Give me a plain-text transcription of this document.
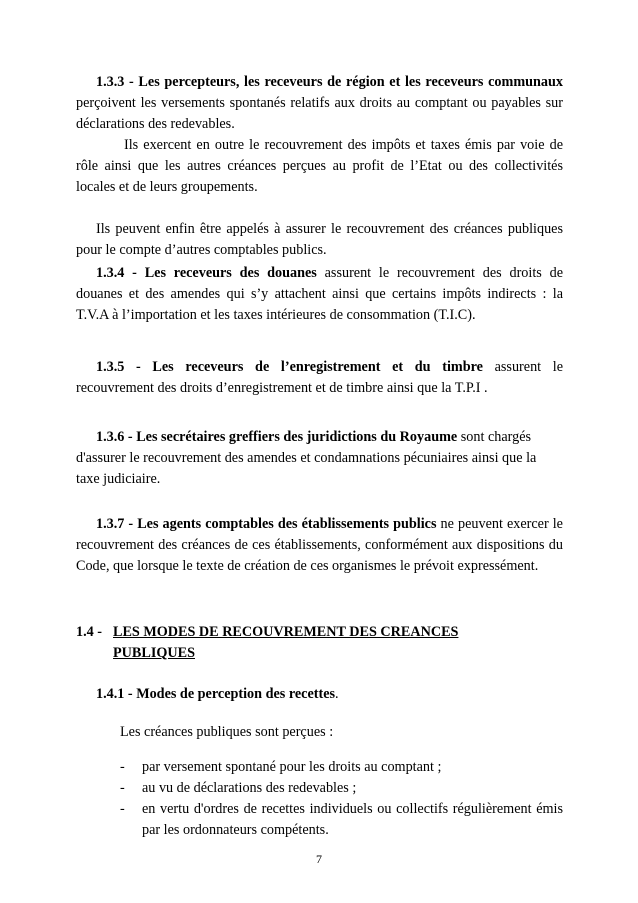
1.3.3 - Les percepteurs, les receveurs de région et les receveurs communaux perçoivent les versements spontanés relatifs aux droits au comptant ou payables sur déclarations des redevables.

Ils exercent en outre le recouvrement des impôts et taxes émis par voie de rôle ainsi que les autres créances perçues au profit de l’Etat ou des collectivités locales et de leurs groupements.

Ils peuvent enfin être appelés à assurer le recouvrement des créances publiques pour le compte d’autres comptables publics.

1.3.4 - Les receveurs des douanes assurent le recouvrement des droits de douanes et des amendes qui s’y attachent ainsi que certains impôts indirects : la T.V.A à l’importation et les taxes intérieures de consommation (T.I.C).

1.3.5 - Les receveurs de l’enregistrement et du timbre assurent le recouvrement des droits d’enregistrement et de timbre ainsi que la T.P.I .

1.3.6 - Les secrétaires greffiers des juridictions du Royaume sont chargés d'assurer le recouvrement des amendes et condamnations pécuniaires ainsi que la taxe judiciaire.

1.3.7 - Les agents comptables des établissements publics ne peuvent exercer le recouvrement des créances de ces établissements, conformément aux dispositions du Code, que lorsque le texte de création de ces organismes le prévoit expressément.

1.4 - LES MODES DE RECOUVREMENT DES CREANCES
PUBLIQUES
1.4.1 - Modes de perception des recettes.
Les créances publiques sont perçues :
- par versement spontané pour les droits au comptant ;
- au vu de déclarations des redevables ;
- en vertu d'ordres de recettes individuels ou collectifs régulièrement émis par les ordonnateurs compétents.
7
